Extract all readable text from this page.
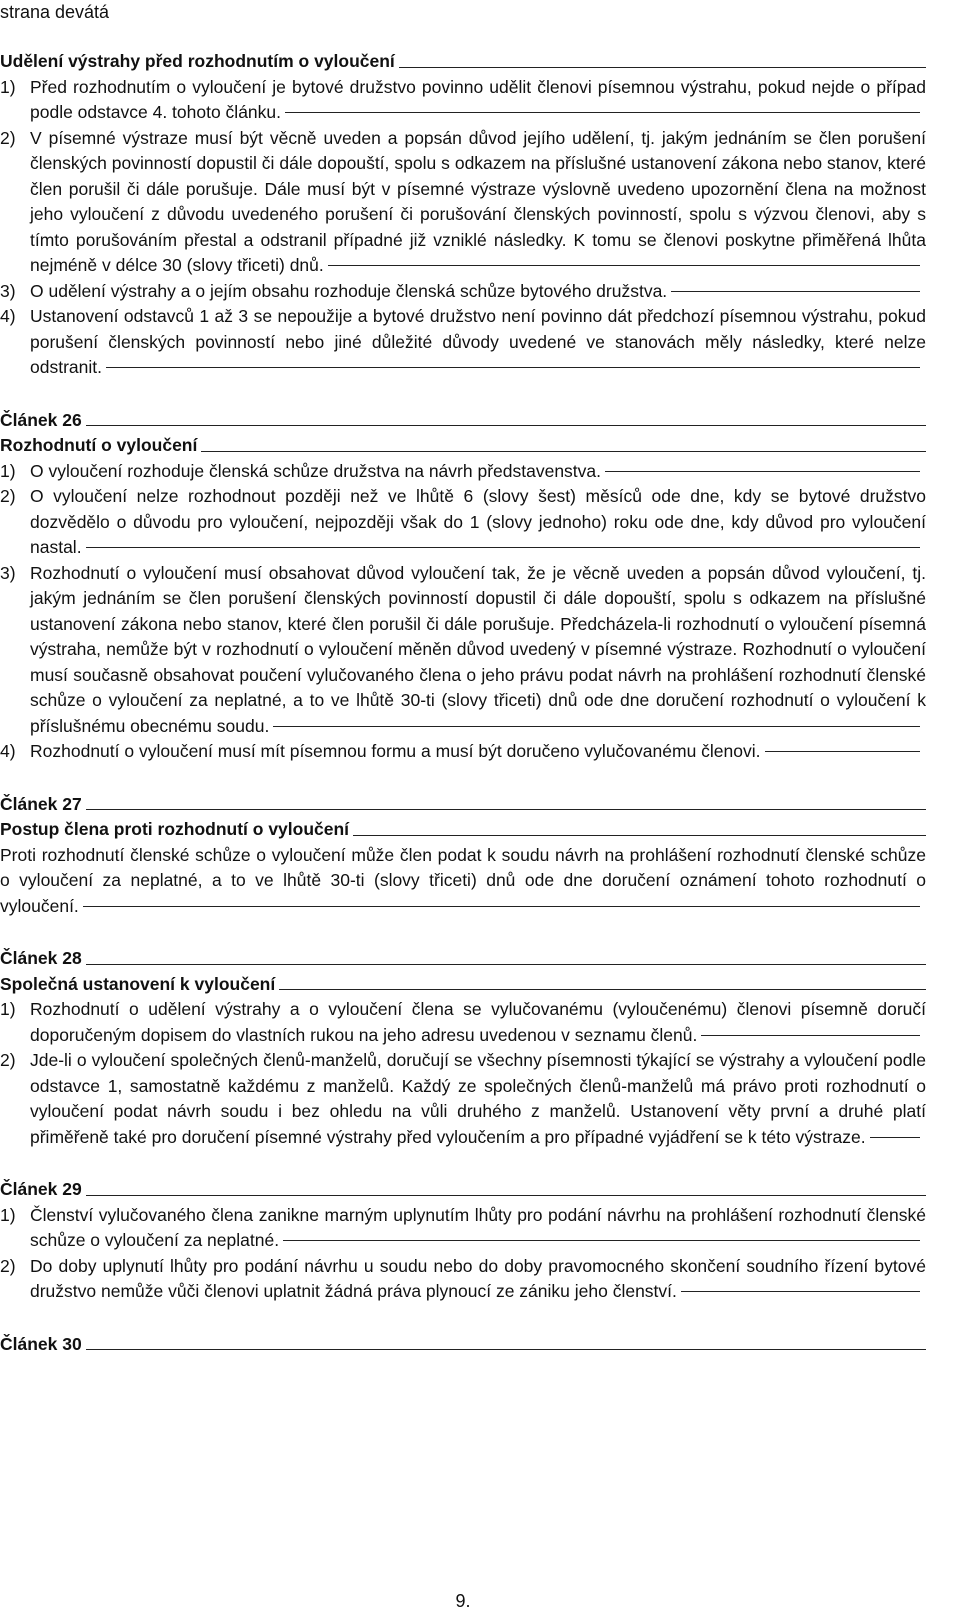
strana devátá
Udělení výstrahy před rozhodnutím o vyloučení
1) Před rozhodnutím o vyloučení je bytové družstvo povinno udělit členovi písemnou výstrahu, pokud nejde o případ podle odstavce 4. tohoto článku.

2) V písemné výstraze musí být věcně uveden a popsán důvod jejího udělení, tj. jakým jednáním se člen porušení členských povinností dopustil či dále dopouští, spolu s odkazem na příslušné ustanovení zákona nebo stanov, které člen porušil či dále porušuje. Dále musí být v písemné výstraze výslovně uvedeno upozornění člena na možnost jeho vyloučení z důvodu uvedeného porušení či porušování členských povinností, spolu s výzvou členovi, aby s tímto porušováním přestal a odstranil případné již vzniklé následky. K tomu se členovi poskytne přiměřená lhůta nejméně v délce 30 (slovy třiceti) dnů.

3) O udělení výstrahy a o jejím obsahu rozhoduje členská schůze bytového družstva.

4) Ustanovení odstavců 1 až 3 se nepoužije a bytové družstvo není povinno dát předchozí písemnou výstrahu, pokud porušení členských povinností nebo jiné důležité důvody uvedené ve stanovách měly následky, které nelze odstranit.

Článek 26
Rozhodnutí o vyloučení
1) O vyloučení rozhoduje členská schůze družstva na návrh představenstva.

2) O vyloučení nelze rozhodnout později než ve lhůtě 6 (slovy šest) měsíců ode dne, kdy se bytové družstvo dozvědělo o důvodu pro vyloučení, nejpozději však do 1 (slovy jednoho) roku ode dne, kdy důvod pro vyloučení nastal.

3) Rozhodnutí o vyloučení musí obsahovat důvod vyloučení tak, že je věcně uveden a popsán důvod vyloučení, tj. jakým jednáním se člen porušení členských povinností dopustil či dále dopouští, spolu s odkazem na příslušné ustanovení zákona nebo stanov, které člen porušil či dále porušuje. Předcházela-li rozhodnutí o vyloučení písemná výstraha, nemůže být v rozhodnutí o vyloučení měněn důvod uvedený v písemné výstraze. Rozhodnutí o vyloučení musí současně obsahovat poučení vylučovaného člena o jeho právu podat návrh na prohlášení rozhodnutí členské schůze o vyloučení za neplatné, a to ve lhůtě 30-ti (slovy třiceti) dnů ode dne doručení rozhodnutí o vyloučení k příslušnému obecnému soudu.

4) Rozhodnutí o vyloučení musí mít písemnou formu a musí být doručeno vylučovanému členovi.

Článek 27
Postup člena proti rozhodnutí o vyloučení

Proti rozhodnutí členské schůze o vyloučení může člen podat k soudu návrh na prohlášení rozhodnutí členské schůze o vyloučení za neplatné, a to ve lhůtě 30-ti (slovy třiceti) dnů ode dne doručení oznámení tohoto rozhodnutí o vyloučení.

Článek 28
Společná ustanovení k vyloučení
1) Rozhodnutí o udělení výstrahy a o vyloučení člena se vylučovanému (vyloučenému) členovi písemně doručí doporučeným dopisem do vlastních rukou na jeho adresu uvedenou v seznamu členů.

2) Jde-li o vyloučení společných členů-manželů, doručují se všechny písemnosti týkající se výstrahy a vyloučení podle odstavce 1, samostatně každému z manželů. Každý ze společných členů-manželů má právo proti rozhodnutí o vyloučení podat návrh soudu i bez ohledu na vůli druhého z manželů. Ustanovení věty první a druhé platí přiměřeně také pro doručení písemné výstrahy před vyloučením a pro případné vyjádření se k této výstraze.

Článek 29
1) Členství vylučovaného člena zanikne marným uplynutím lhůty pro podání návrhu na prohlášení rozhodnutí členské schůze o vyloučení za neplatné.

2) Do doby uplynutí lhůty pro podání návrhu u soudu nebo do doby pravomocného skončení soudního řízení bytové družstvo nemůže vůči členovi uplatnit žádná práva plynoucí ze zániku jeho členství.

Článek 30
9.
